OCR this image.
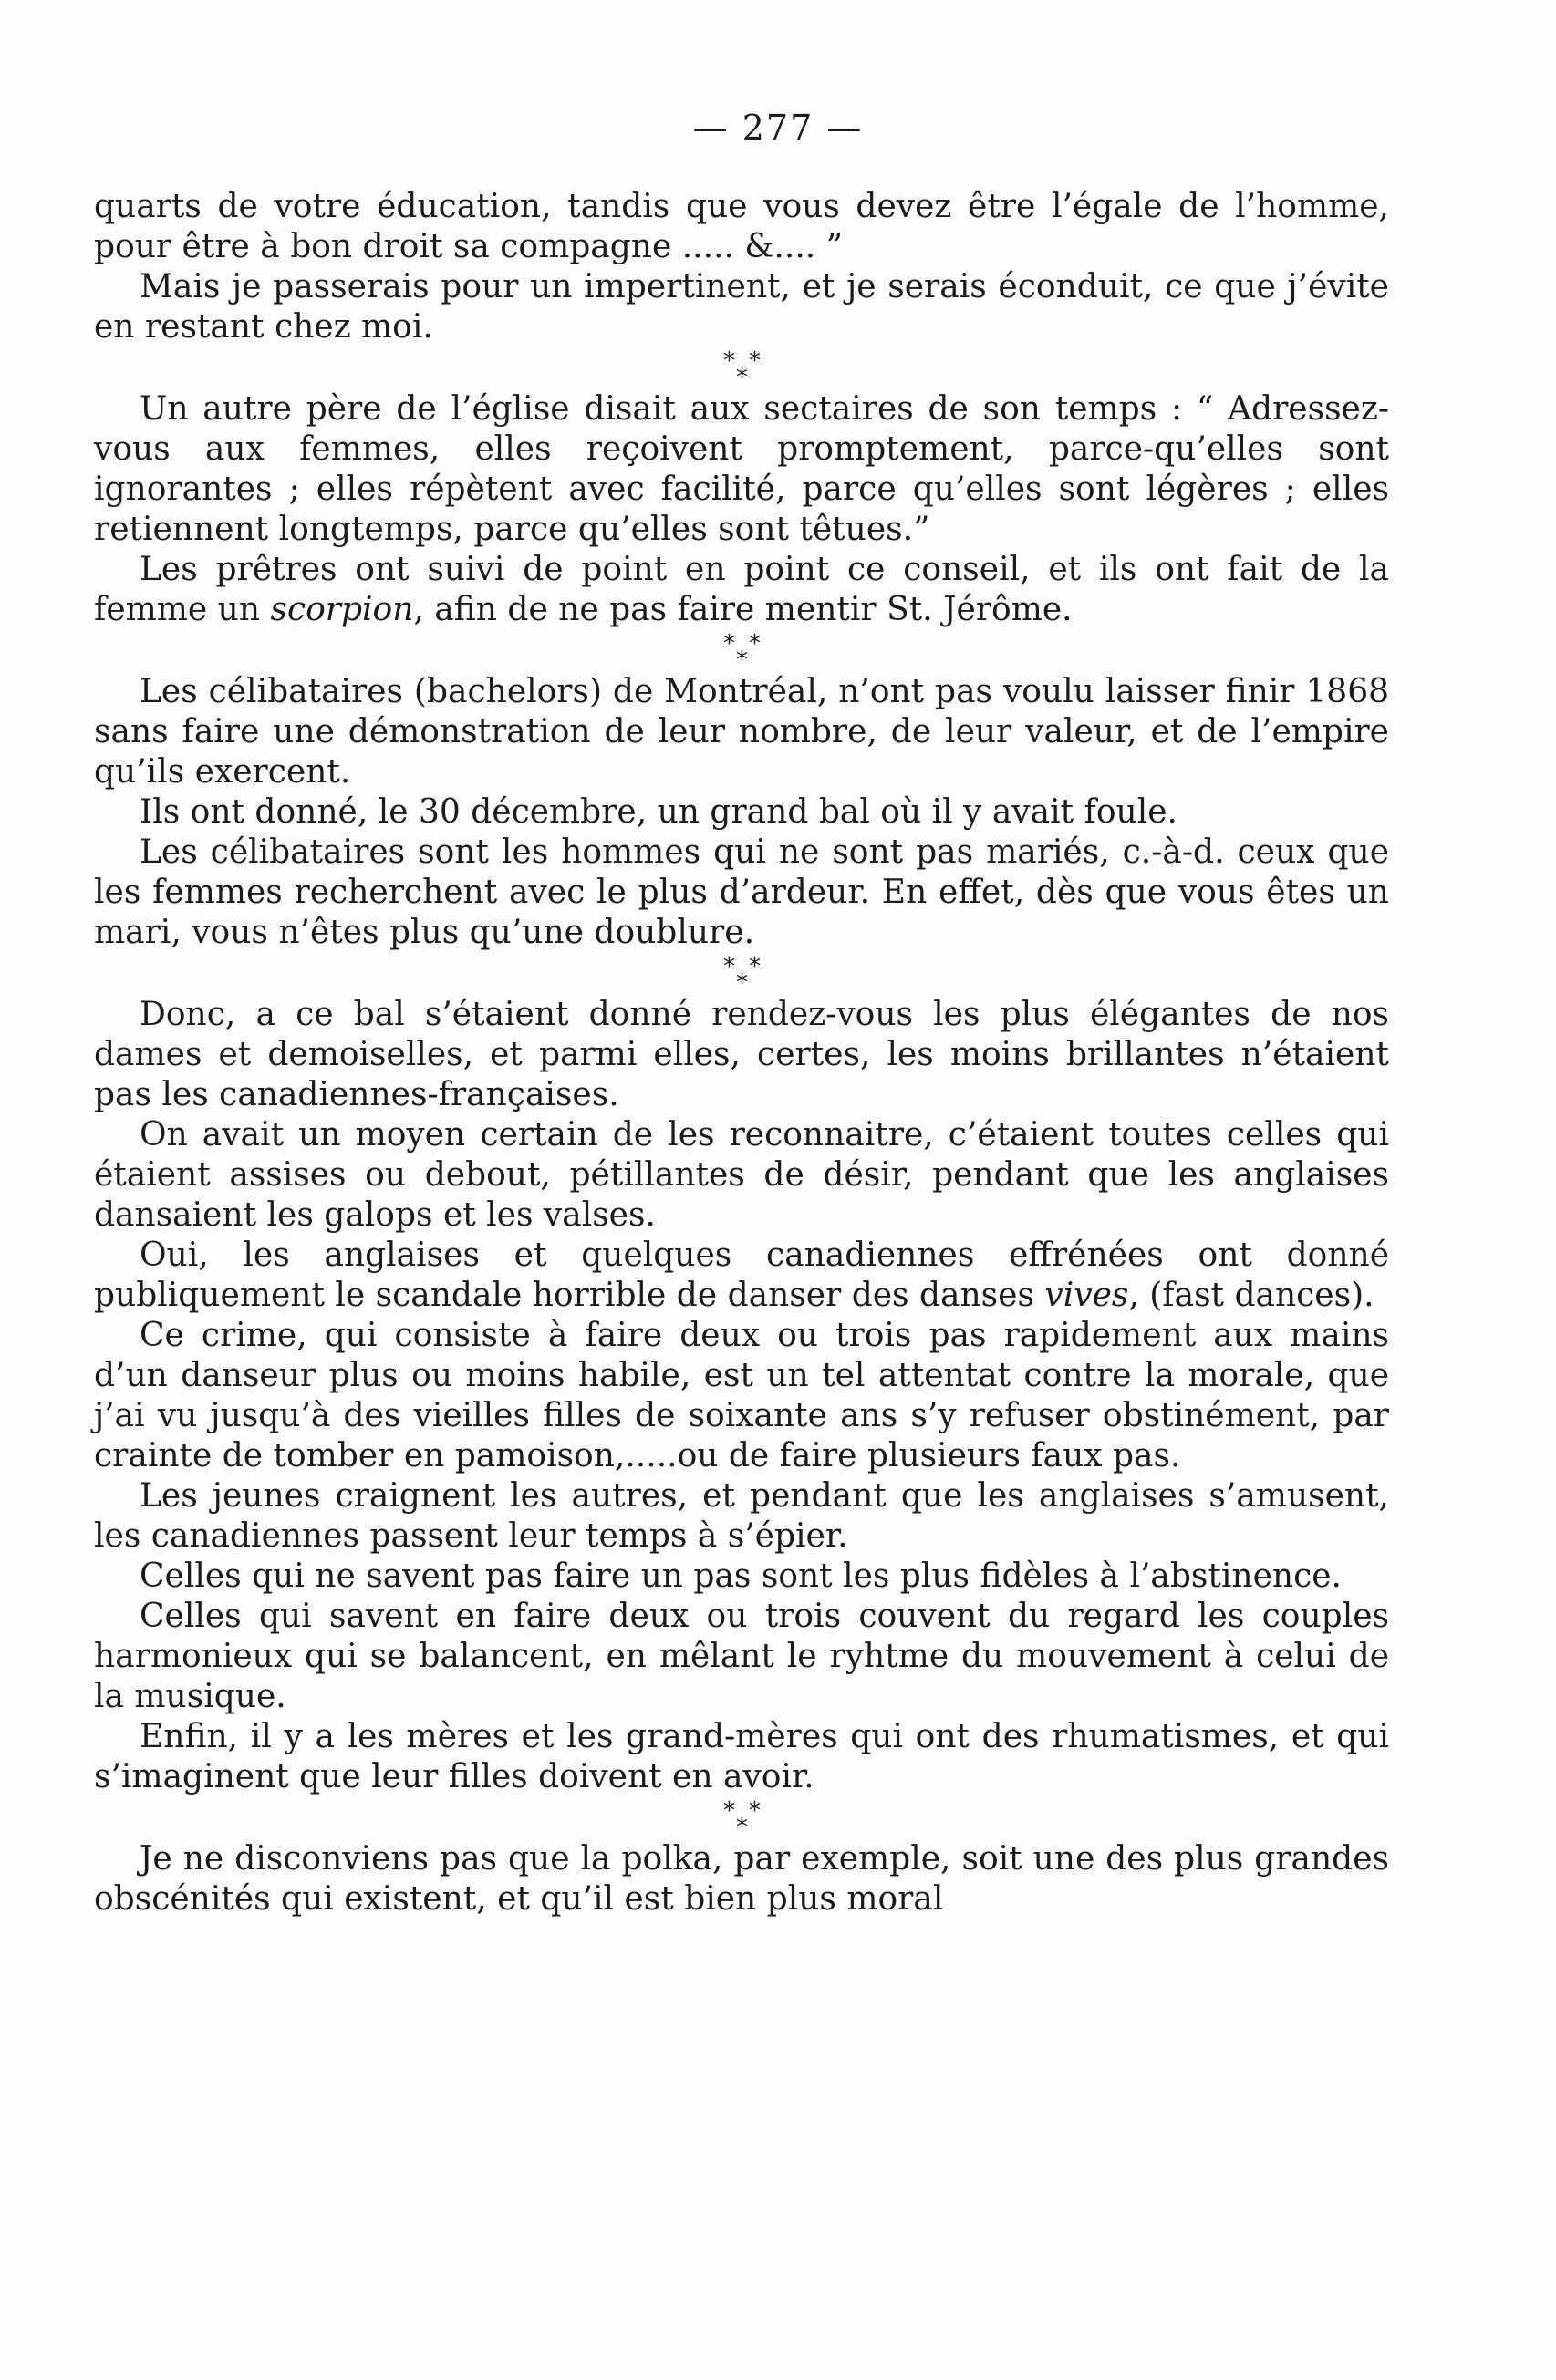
— 277 —

quarts de votre éducation, tandis que vous devez être l’égale de l’homme, pour être à bon droit sa compagne ..... &.... ”

Mais je passerais pour un impertinent, et je serais éconduit, ce que j’évite en restant chez moi.

* *
*

Un autre père de l’église disait aux sectaires de son temps : “ Adressez-vous aux femmes, elles reçoivent promptement, parce-qu’elles sont ignorantes ; elles répètent avec facilité, parce qu’elles sont légères ; elles retiennent longtemps, parce qu’elles sont têtues.”

Les prêtres ont suivi de point en point ce conseil, et ils ont fait de la femme un scorpion, afin de ne pas faire mentir St. Jérôme.

* *
*

Les célibataires (bachelors) de Montréal, n’ont pas voulu laisser finir 1868 sans faire une démonstration de leur nombre, de leur valeur, et de l’empire qu’ils exercent.

Ils ont donné, le 30 décembre, un grand bal où il y avait foule.

Les célibataires sont les hommes qui ne sont pas mariés, c.-à-d. ceux que les femmes recherchent avec le plus d’ardeur. En effet, dès que vous êtes un mari, vous n’êtes plus qu’une doublure.

* *
*

Donc, a ce bal s’étaient donné rendez-vous les plus élégantes de nos dames et demoiselles, et parmi elles, certes, les moins brillantes n’étaient pas les canadiennes-françaises.

On avait un moyen certain de les reconnaitre, c’étaient toutes celles qui étaient assises ou debout, pétillantes de désir, pendant que les anglaises dansaient les galops et les valses.

Oui, les anglaises et quelques canadiennes effrénées ont donné publiquement le scandale horrible de danser des danses vives, (fast dances).

Ce crime, qui consiste à faire deux ou trois pas rapidement aux mains d’un danseur plus ou moins habile, est un tel attentat contre la morale, que j’ai vu jusqu’à des vieilles filles de soixante ans s’y refuser obstinément, par crainte de tomber en pamoison,.....ou de faire plusieurs faux pas.

Les jeunes craignent les autres, et pendant que les anglaises s’amusent, les canadiennes passent leur temps à s’épier.

Celles qui ne savent pas faire un pas sont les plus fidèles à l’abstinence.

Celles qui savent en faire deux ou trois couvent du regard les couples harmonieux qui se balancent, en mêlant le ryhtme du mouvement à celui de la musique.

Enfin, il y a les mères et les grand-mères qui ont des rhumatismes, et qui s’imaginent que leur filles doivent en avoir.

* *
*

Je ne disconviens pas que la polka, par exemple, soit une des plus grandes obscénités qui existent, et qu’il est bien plus moral
